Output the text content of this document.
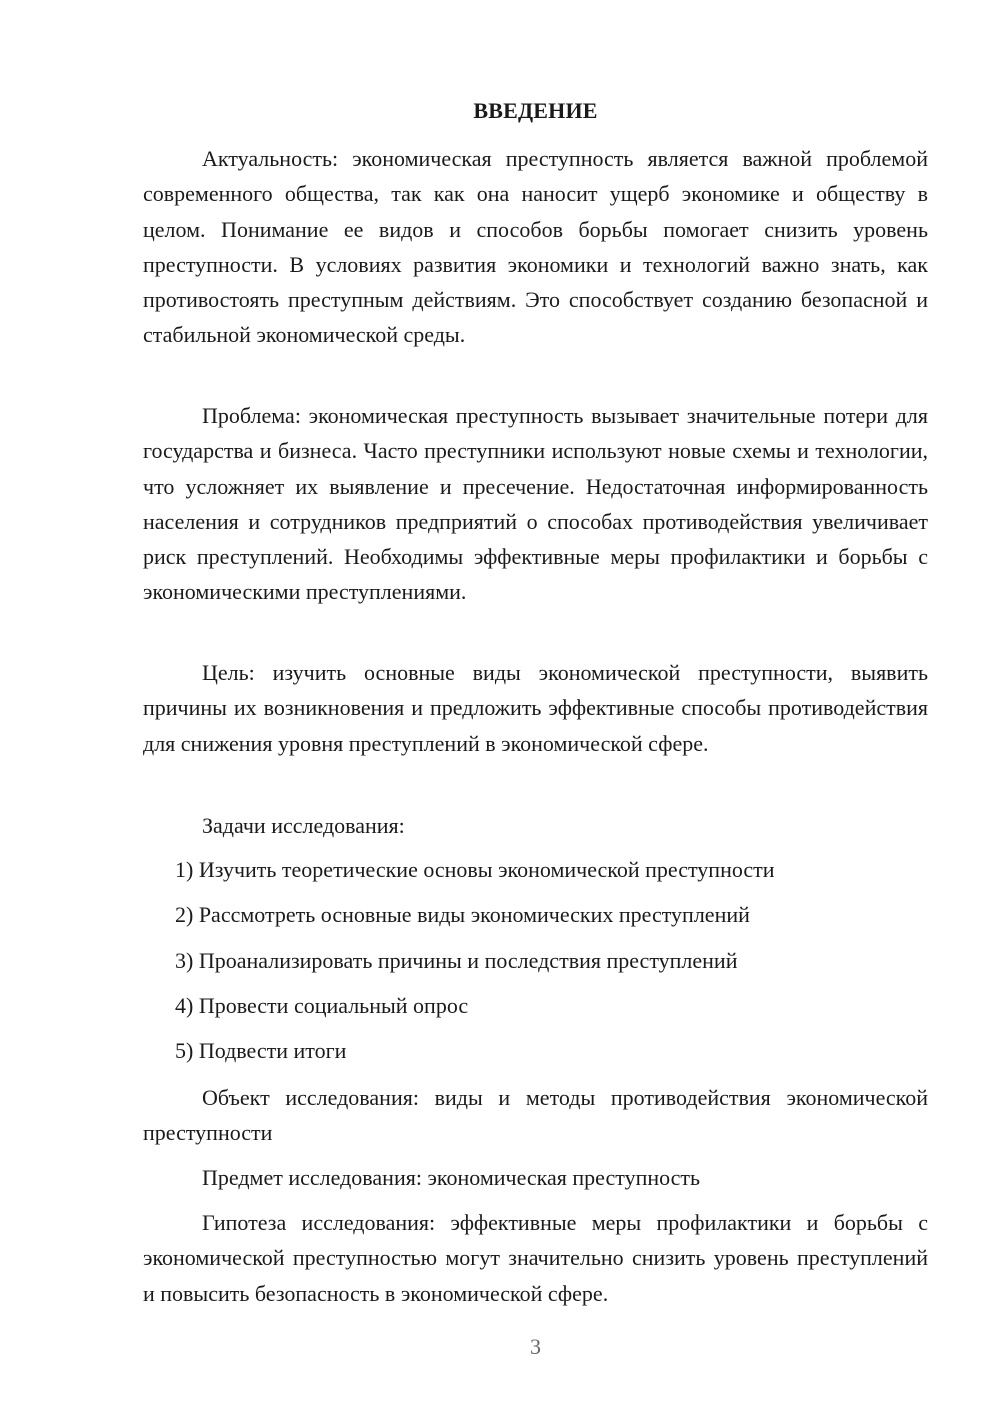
ВВЕДЕНИЕ

Актуальность: экономическая преступность является важной проблемой современного общества, так как она наносит ущерб экономике и обществу в целом. Понимание ее видов и способов борьбы помогает снизить уровень преступности. В условиях развития экономики и технологий важно знать, как противостоять преступным действиям. Это способствует созданию безопасной и стабильной экономической среды.

Проблема: экономическая преступность вызывает значительные потери для государства и бизнеса. Часто преступники используют новые схемы и технологии, что усложняет их выявление и пресечение. Недостаточная информированность населения и сотрудников предприятий о способах противодействия увеличивает риск преступлений. Необходимы эффективные меры профилактики и борьбы с экономическими преступлениями.

Цель: изучить основные виды экономической преступности, выявить причины их возникновения и предложить эффективные способы противодействия для снижения уровня преступлений в экономической сфере.

Задачи исследования:

1) Изучить теоретические основы экономической преступности

2) Рассмотреть основные виды экономических преступлений

3) Проанализировать причины и последствия преступлений

4) Провести социальный опрос

5) Подвести итоги

Объект исследования: виды и методы противодействия экономической преступности

Предмет исследования: экономическая преступность

Гипотеза исследования: эффективные меры профилактики и борьбы с экономической преступностью могут значительно снизить уровень преступлений и повысить безопасность в экономической сфере.

3
